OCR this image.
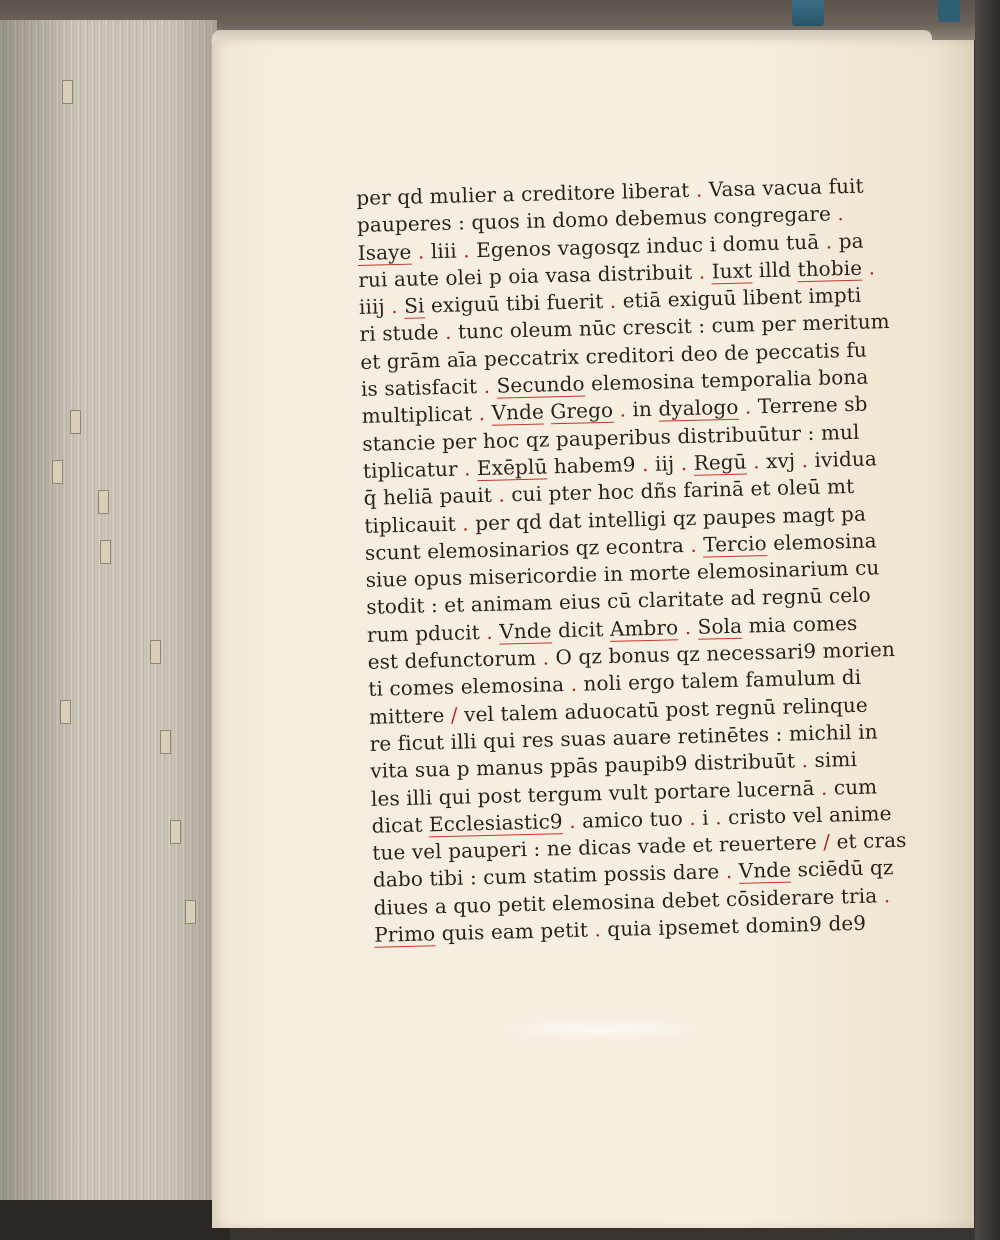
per qd mulier a creditore liberat . Vasa vacua fuit
pauperes : quos in domo debemus congregare .
Isaye . liii . Egenos vagosqz induc i domu tuā . pa
rui aute olei p oia vasa distribuit . Iuxt illd thobie .
iiij . Si exiguū tibi fuerit . etiā exiguū libent impti
ri stude . tunc oleum nūc crescit : cum per meritum
et grām aīa peccatrix creditori deo de peccatis fu
is satisfacit . Secundo elemosina temporalia bona
multiplicat . Vnde Grego . in dyalogo . Terrene sb
stancie per hoc qz pauperibus distribuūtur : mul
tiplicatur . Exēplū habem9 . iij . Regū . xvj . ividua
q̄ heliā pauit . cui pter hoc dñs farinā et oleū mt
tiplicauit . per qd dat intelligi qz paupes magt pa
scunt elemosinarios qz econtra . Tercio elemosina
siue opus misericordie in morte elemosinarium cu
stodit : et animam eius cū claritate ad regnū celo
rum pducit . Vnde dicit Ambro . Sola mia comes
est defunctorum . O qz bonus qz necessari9 morien
ti comes elemosina . noli ergo talem famulum di
mittere / vel talem aduocatū post regnū relinque
re ficut illi qui res suas auare retinētes : michil in
vita sua p manus ppās paupib9 distribuūt . simi
les illi qui post tergum vult portare lucernā . cum
dicat Ecclesiastic9 . amico tuo . i . cristo vel anime
tue vel pauperi : ne dicas vade et reuertere / et cras
dabo tibi : cum statim possis dare . Vnde sciēdū qz
diues a quo petit elemosina debet cōsiderare tria .
Primo quis eam petit . quia ipsemet domin9 de9
